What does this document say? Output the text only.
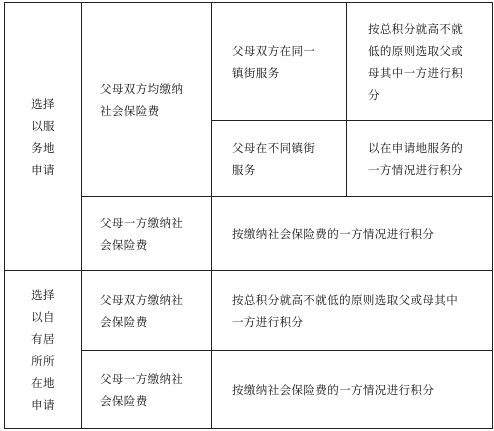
选择
以服
务地
申请
父母双方均缴纳
社会保险费
父母双方在同一
镇街服务
按总积分就高不就
低的原则选取父或
母其中一方进行积
分
父母在不同镇街
服务
以在申请地服务的
一方情况进行积分
父母一方缴纳社
会保险费
按缴纳社会保险费的一方情况进行积分
选择
以自
有居
所所
在地
申请
父母双方缴纳社
会保险费
按总积分就高不就低的原则选取父或母其中
一方进行积分
父母一方缴纳社
会保险费
按缴纳社会保险费的一方情况进行积分
